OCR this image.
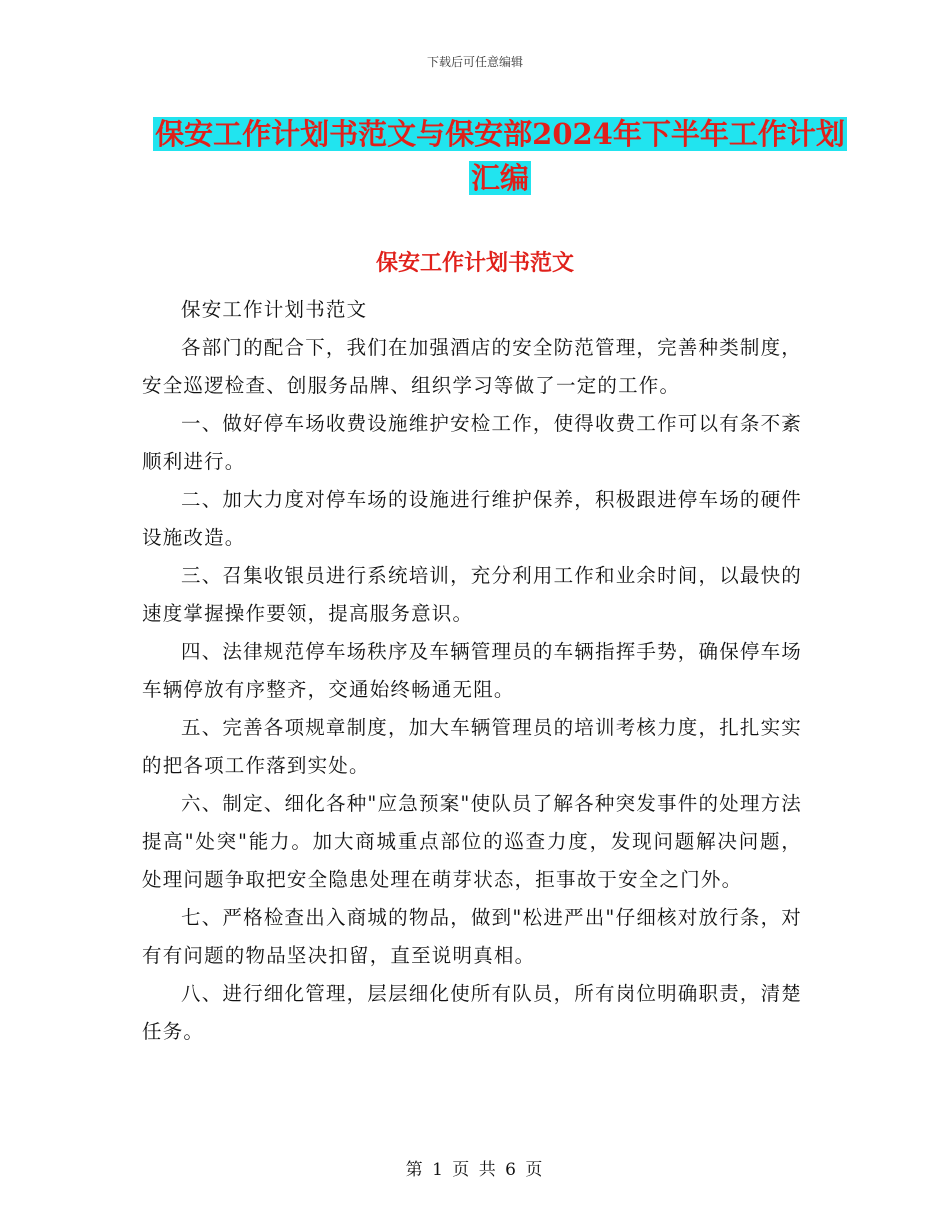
下载后可任意编辑
保安工作计划书范文与保安部2024年下半年工作计划
汇编
保安工作计划书范文

保安工作计划书范文

各部门的配合下，我们在加强酒店的安全防范管理，完善种类制度，安全巡逻检查、创服务品牌、组织学习等做了一定的工作。

一、做好停车场收费设施维护安检工作，使得收费工作可以有条不紊顺利进行。

二、加大力度对停车场的设施进行维护保养，积极跟进停车场的硬件设施改造。

三、召集收银员进行系统培训，充分利用工作和业余时间，以最快的速度掌握操作要领，提高服务意识。

四、法律规范停车场秩序及车辆管理员的车辆指挥手势，确保停车场车辆停放有序整齐，交通始终畅通无阻。

五、完善各项规章制度，加大车辆管理员的培训考核力度，扎扎实实的把各项工作落到实处。

六、制定、细化各种"应急预案"使队员了解各种突发事件的处理方法提高"处突"能力。加大商城重点部位的巡查力度，发现问题解决问题，处理问题争取把安全隐患处理在萌芽状态，拒事故于安全之门外。

七、严格检查出入商城的物品，做到"松进严出"仔细核对放行条，对有有问题的物品坚决扣留，直至说明真相。

八、进行细化管理，层层细化使所有队员，所有岗位明确职责，清楚任务。

第 1 页 共 6 页
